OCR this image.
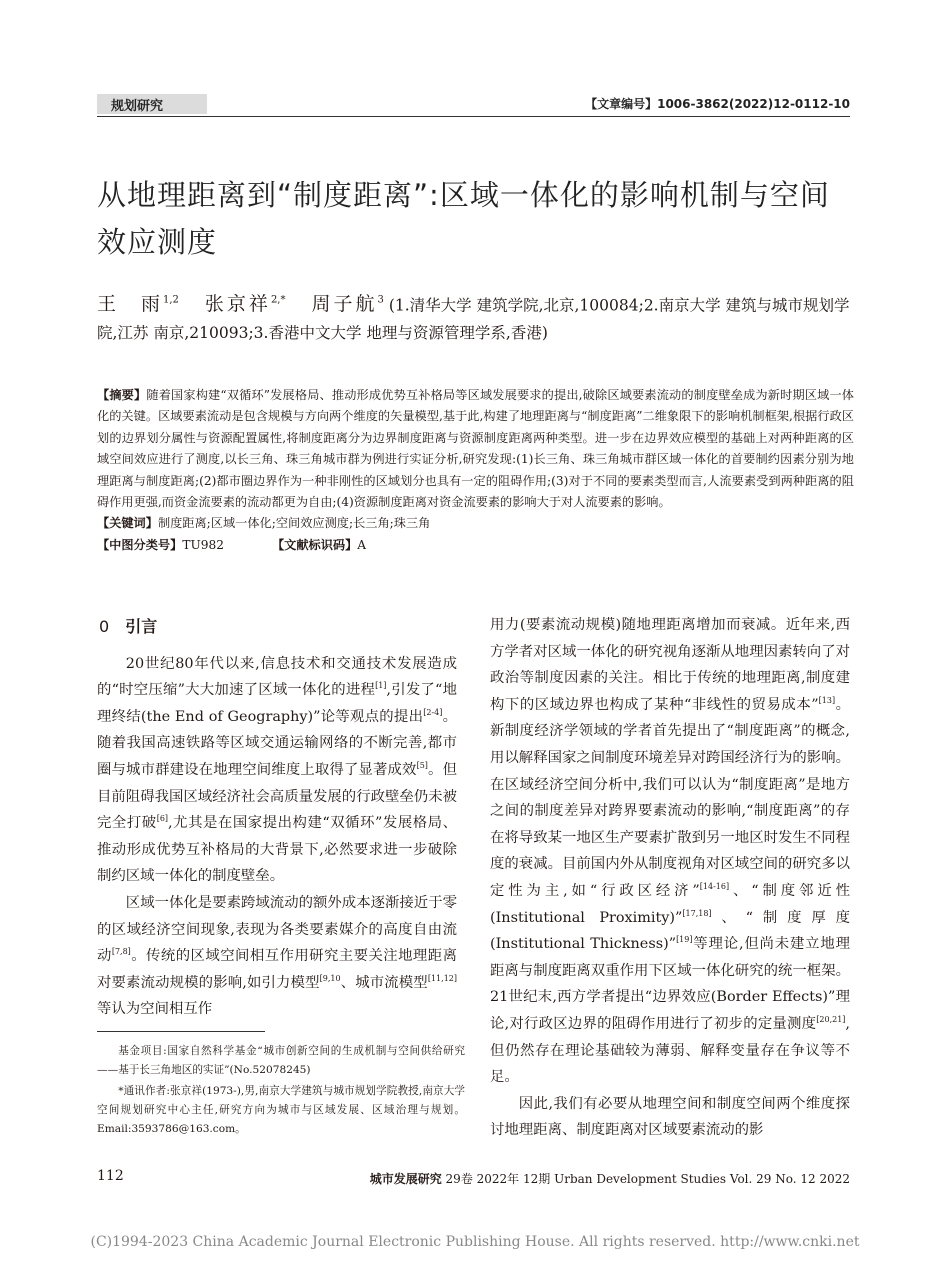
规划研究	【文章编号】1006-3862(2022)12-0112-10
从地理距离到“制度距离”:区域一体化的影响机制与空间效应测度
王　雨$^{1,2}$ 张京祥$^{2,*}$ 周子航$^3$ (1.清华大学 建筑学院,北京,100084;2.南京大学 建筑与城市规划学院,江苏 南京,210093;3.香港中文大学 地理与资源管理学系,香港)

【摘要】随着国家构建“双循环”发展格局、推动形成优势互补格局等区域发展要求的提出,破除区域要素流动的制度壁垒成为新时期区域一体化的关键。区域要素流动是包含规模与方向两个维度的矢量模型,基于此,构建了地理距离与“制度距离”二维象限下的影响机制框架,根据行政区划的边界划分属性与资源配置属性,将制度距离分为边界制度距离与资源制度距离两种类型。进一步在边界效应模型的基础上对两种距离的区域空间效应进行了测度,以长三角、珠三角城市群为例进行实证分析,研究发现:(1)长三角、珠三角城市群区域一体化的首要制约因素分别为地理距离与制度距离;(2)都市圈边界作为一种非刚性的区域划分也具有一定的阻碍作用;(3)对于不同的要素类型而言,人流要素受到两种距离的阻碍作用更强,而资金流要素的流动都更为自由;(4)资源制度距离对资金流要素的影响大于对人流要素的影响。

【关键词】制度距离;区域一体化;空间效应测度;长三角;珠三角

【中图分类号】TU982	【文献标识码】A

0 引言

20世纪80年代以来,信息技术和交通技术发展造成的“时空压缩”大大加速了区域一体化的进程[1],引发了“地理终结(the End of Geography)”论等观点的提出[2-4]。随着我国高速铁路等区域交通运输网络的不断完善,都市圈与城市群建设在地理空间维度上取得了显著成效[5]。但目前阻碍我国区域经济社会高质量发展的行政壁垒仍未被完全打破[6],尤其是在国家提出构建“双循环”发展格局、推动形成优势互补格局的大背景下,必然要求进一步破除制约区域一体化的制度壁垒。

区域一体化是要素跨域流动的额外成本逐渐接近于零的区域经济空间现象,表现为各类要素媒介的高度自由流动[7,8]。传统的区域空间相互作用研究主要关注地理距离对要素流动规模的影响,如引力模型$^{[9,10}$、城市流模型[11,12]等认为空间相互作

用力(要素流动规模)随地理距离增加而衰减。近年来,西方学者对区域一体化的研究视角逐渐从地理因素转向了对政治等制度因素的关注。相比于传统的地理距离,制度建构下的区域边界也构成了某种“非线性的贸易成本”[13]。新制度经济学领域的学者首先提出了“制度距离”的概念,用以解释国家之间制度环境差异对跨国经济行为的影响。在区域经济空间分析中,我们可以认为“制度距离”是地方之间的制度差异对跨界要素流动的影响,“制度距离”的存在将导致某一地区生产要素扩散到另一地区时发生不同程度的衰减。目前国内外从制度视角对区域空间的研究多以定性为主,如“行政区经济”[14-16]、“制度邻近性(Institutional Proximity)”[17,18]、“制度厚度(Institutional Thickness)”[19]等理论,但尚未建立地理距离与制度距离双重作用下区域一体化研究的统一框架。21世纪末,西方学者提出“边界效应(Border Effects)”理论,对行政区边界的阻碍作用进行了初步的定量测度[20,21],但仍然存在理论基础较为薄弱、解释变量存在争议等不足。

因此,我们有必要从地理空间和制度空间两个维度探讨地理距离、制度距离对区域要素流动的影

基金项目:国家自然科学基金“城市创新空间的生成机制与空间供给研究——基于长三角地区的实证”(No.52078245)

*通讯作者:张京祥(1973-),男,南京大学建筑与城市规划学院教授,南京大学空间规划研究中心主任,研究方向为城市与区域发展、区域治理与规划。Email:3593786@163.com。

112	城市发展研究 29卷 2022年 12期 Urban Development Studies Vol. 29 No. 12 2022
(C)1994-2023 China Academic Journal Electronic Publishing House. All rights reserved. http://www.cnki.net
